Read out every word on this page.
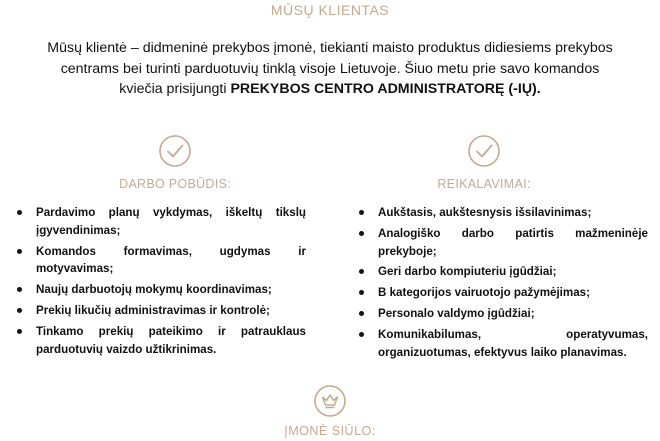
MŪSŲ KLIENTAS
Mūsų klientė – didmeninė prekybos įmonė, tiekianti maisto produktus didiesiems prekybos centrams bei turinti parduotuvių tinklą visoje Lietuvoje. Šiuo metu prie savo komandos kviečia prisijungti PREKYBOS CENTRO ADMINISTRATORĘ (-IŲ).
DARBO POBŪDIS:	REIKALAVIMAI:
Pardavimo planų vykdymas, iškeltų tikslų įgyvendinimas;
Komandos formavimas, ugdymas ir motyvavimas;
Naujų darbuotojų mokymų koordinavimas;
Prekių likučių administravimas ir kontrolė;
Tinkamo prekių pateikimo ir patrauklaus parduotuvių vaizdo užtikrinimas.
Aukštasis, aukštesnysis išsilavinimas;
Analogiško darbo patirtis mažmeninėje prekyboje;
Geri darbo kompiuteriu įgūdžiai;
B kategorijos vairuotojo pažymėjimas;
Personalo valdymo įgūdžiai;
Komunikabilumas, operatyvumas, organizuotumas, efektyvus laiko planavimas.
ĮMONĖ SIŪLO:
